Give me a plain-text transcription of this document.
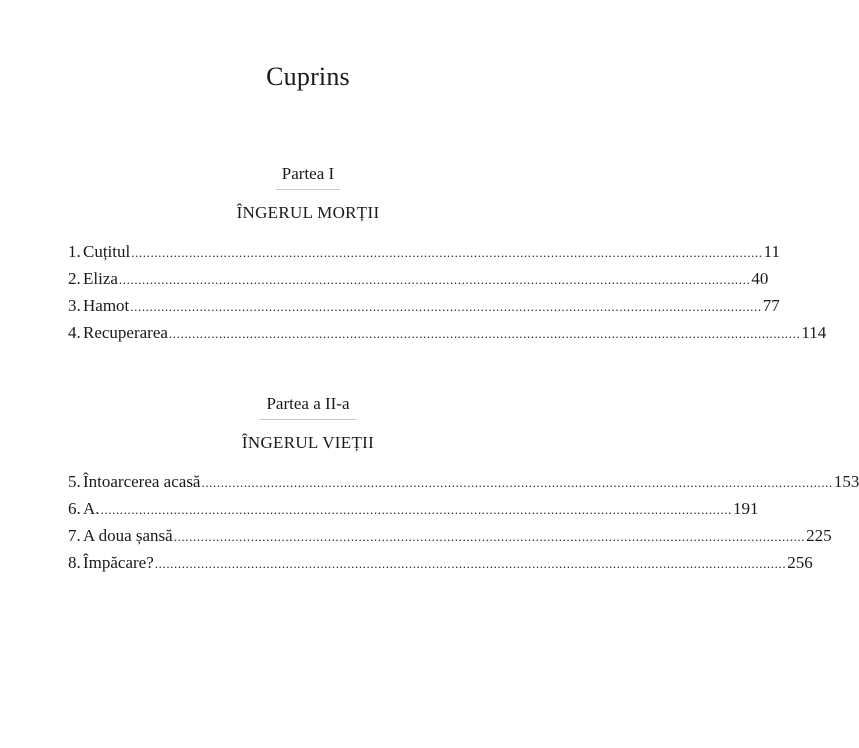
Cuprins
Partea I
ÎNGERUL MORȚII
1. Cuțitul .................................................................................................................................................................... 11
2. Eliza .................................................................................................................................................................... 40
3. Hamot .................................................................................................................................................................... 77
4. Recuperarea .................................................................................................................................................................... 114
Partea a II-a
ÎNGERUL VIEȚII
5. Întoarcerea acasă .................................................................................................................................................................... 153
6. A. .................................................................................................................................................................... 191
7. A doua șansă .................................................................................................................................................................... 225
8. Împăcare? .................................................................................................................................................................... 256
